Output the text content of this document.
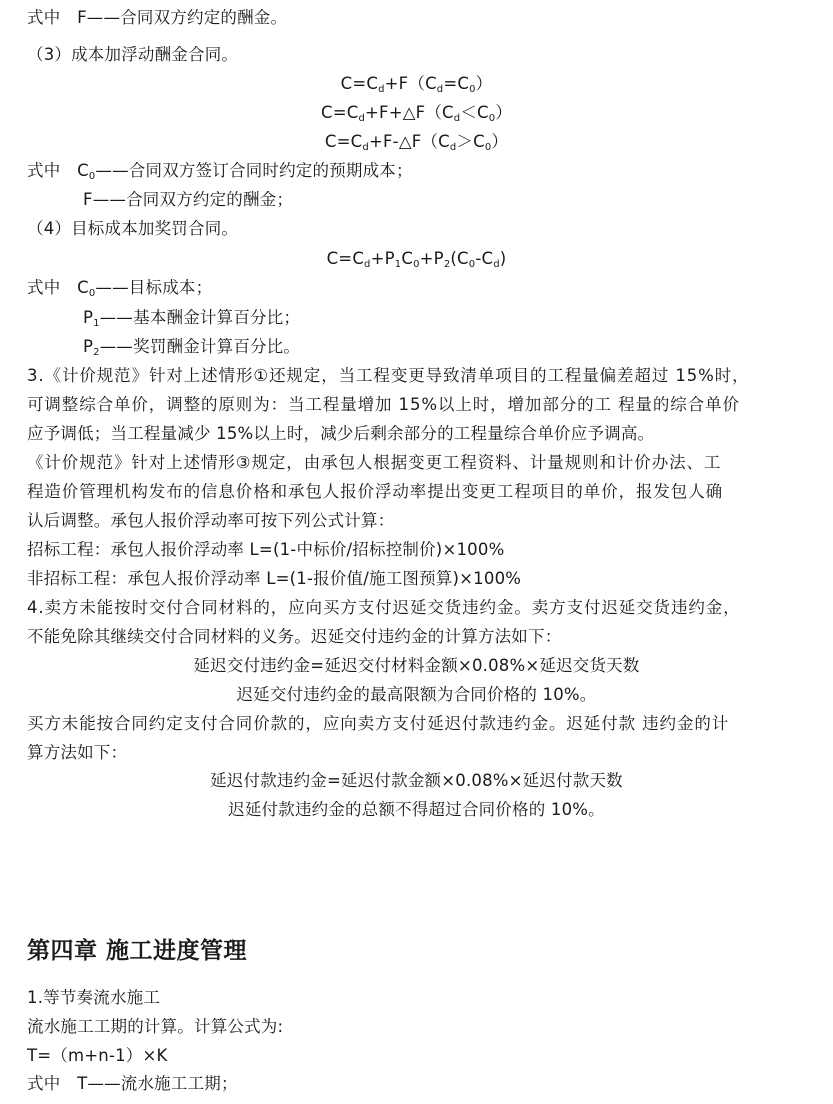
式中　F——合同双方约定的酬金。
（3）成本加浮动酬金合同。
$C=C_d+F(C_d=C_0)$
$C=C_d+F+\triangle F(C_d<C_0)$
$C=C_d+F-\triangle F(C_d>C_0)$
式中　$C_0——$合同双方签订合同时约定的预期成本；
F——合同双方约定的酬金；
（4）目标成本加奖罚合同。
$C=C_d+P_1C_0+P_2(C_0-C_d)$
式中　$C_0——$目标成本；
$P_1——$基本酬金计算百分比；
$P_2——$奖罚酬金计算百分比。
3.《计价规范》针对上述情形①还规定，当工程变更导致清单项目的工程量偏差超过 15%时，
可调整综合单价，调整的原则为：当工程量增加 15%以上时，增加部分的工 程量的综合单价
应予调低；当工程量减少 15%以上时，减少后剩余部分的工程量综合单价应予调高。
《计价规范》针对上述情形③规定，由承包人根据变更工程资料、计量规则和计价办法、工
程造价管理机构发布的信息价格和承包人报价浮动率提出变更工程项目的单价，报发包人确
认后调整。承包人报价浮动率可按下列公式计算：
招标工程：承包人报价浮动率 L=(1-中标价/招标控制价)×100%
非招标工程：承包人报价浮动率 L=(1-报价值/施工图预算)×100%
4.卖方未能按时交付合同材料的，应向买方支付迟延交货违约金。卖方支付迟延交货违约金，
不能免除其继续交付合同材料的义务。迟延交付违约金的计算方法如下：
延迟交付违约金=延迟交付材料金额×0.08%×延迟交货天数
迟延交付违约金的最高限额为合同价格的 10%。
买方未能按合同约定支付合同价款的，应向卖方支付延迟付款违约金。迟延付款 违约金的计
算方法如下：
延迟付款违约金=延迟付款金额×0.08%×延迟付款天数
迟延付款违约金的总额不得超过合同价格的 10%。
第四章 施工进度管理
1.等节奏流水施工
流水施工工期的计算。计算公式为:
T=（m+n-1）×K
式中　T——流水施工工期；
